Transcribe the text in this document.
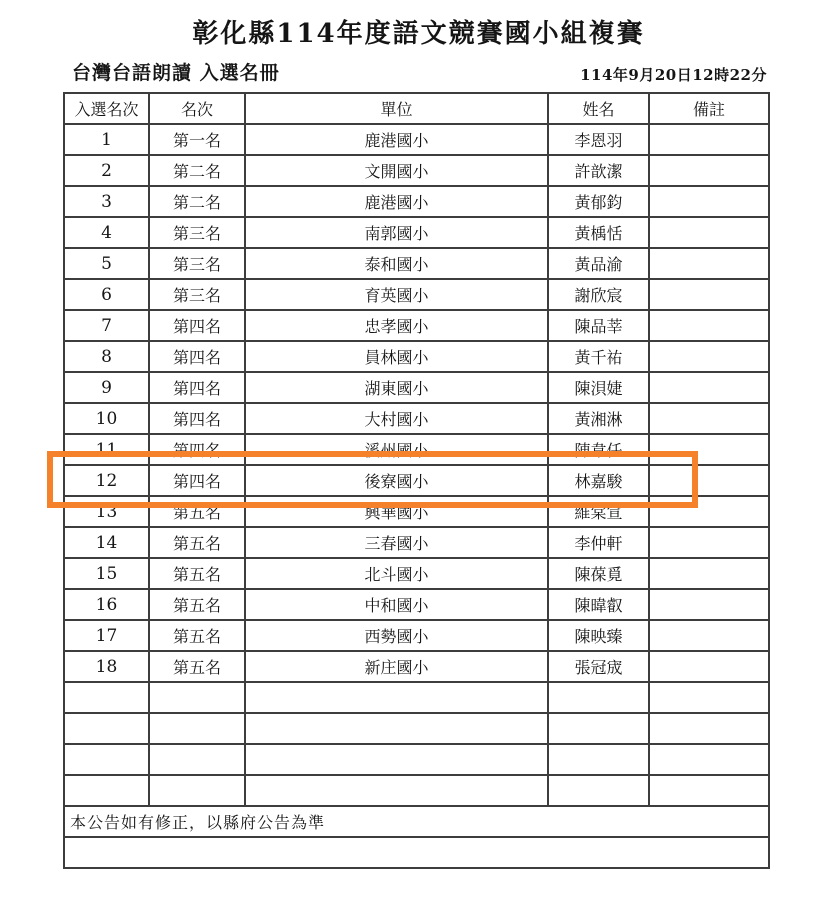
彰化縣114年度語文競賽國小組複賽
台灣台語朗讀 入選名冊	114年9月20日12時22分
入選名次	名次	單位	姓名	備註
1	第一名	鹿港國小	李恩羽	
2	第二名	文開國小	許歆潔	
3	第二名	鹿港國小	黃郁鈞	
4	第三名	南郭國小	黃楀恬	
5	第三名	泰和國小	黃品渝	
6	第三名	育英國小	謝欣宸	
7	第四名	忠孝國小	陳品莘	
8	第四名	員林國小	黃千祐	
9	第四名	湖東國小	陳浿婕	
10	第四名	大村國小	黃湘淋	
11	第四名	溪州國小	陳韋任	
12	第四名	後寮國小	林嘉駿	
13	第五名	興華國小	維棠宣	
14	第五名	三春國小	李仲軒	
15	第五名	北斗國小	陳葆覓	
16	第五名	中和國小	陳暐叡	
17	第五名	西勢國小	陳映臻	
18	第五名	新庄國小	張冠宬	

本公告如有修正，以縣府公告為準				
